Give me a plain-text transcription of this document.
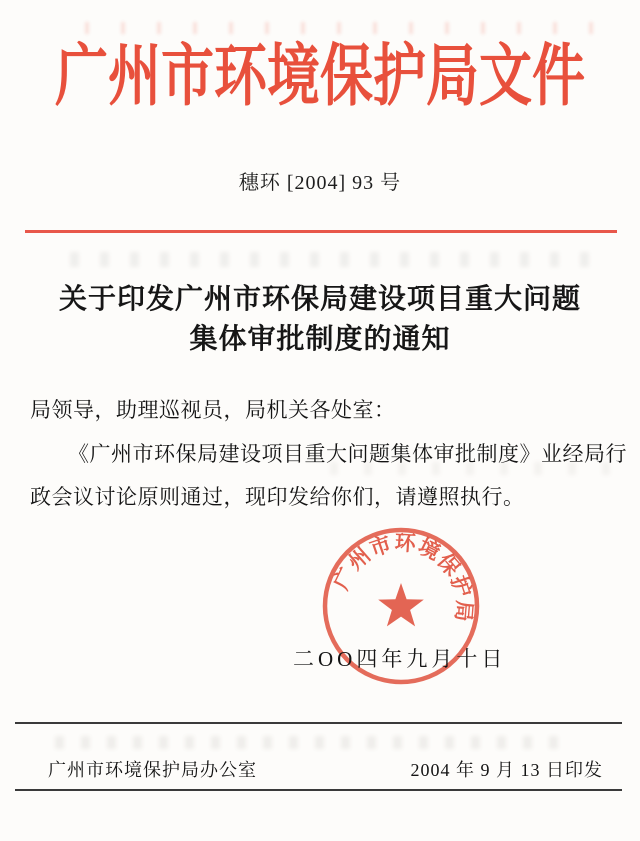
广州市环境保护局文件
穗环 [2004] 93 号
关于印发广州市环保局建设项目重大问题
集体审批制度的通知
局领导，助理巡视员，局机关各处室：
《广州市环保局建设项目重大问题集体审批制度》业经局行
政会议讨论原则通过，现印发给你们，请遵照执行。
广州市环境保护局
二OO四年九月十日
广州市环境保护局办公室	2004 年 9 月 13 日印发
